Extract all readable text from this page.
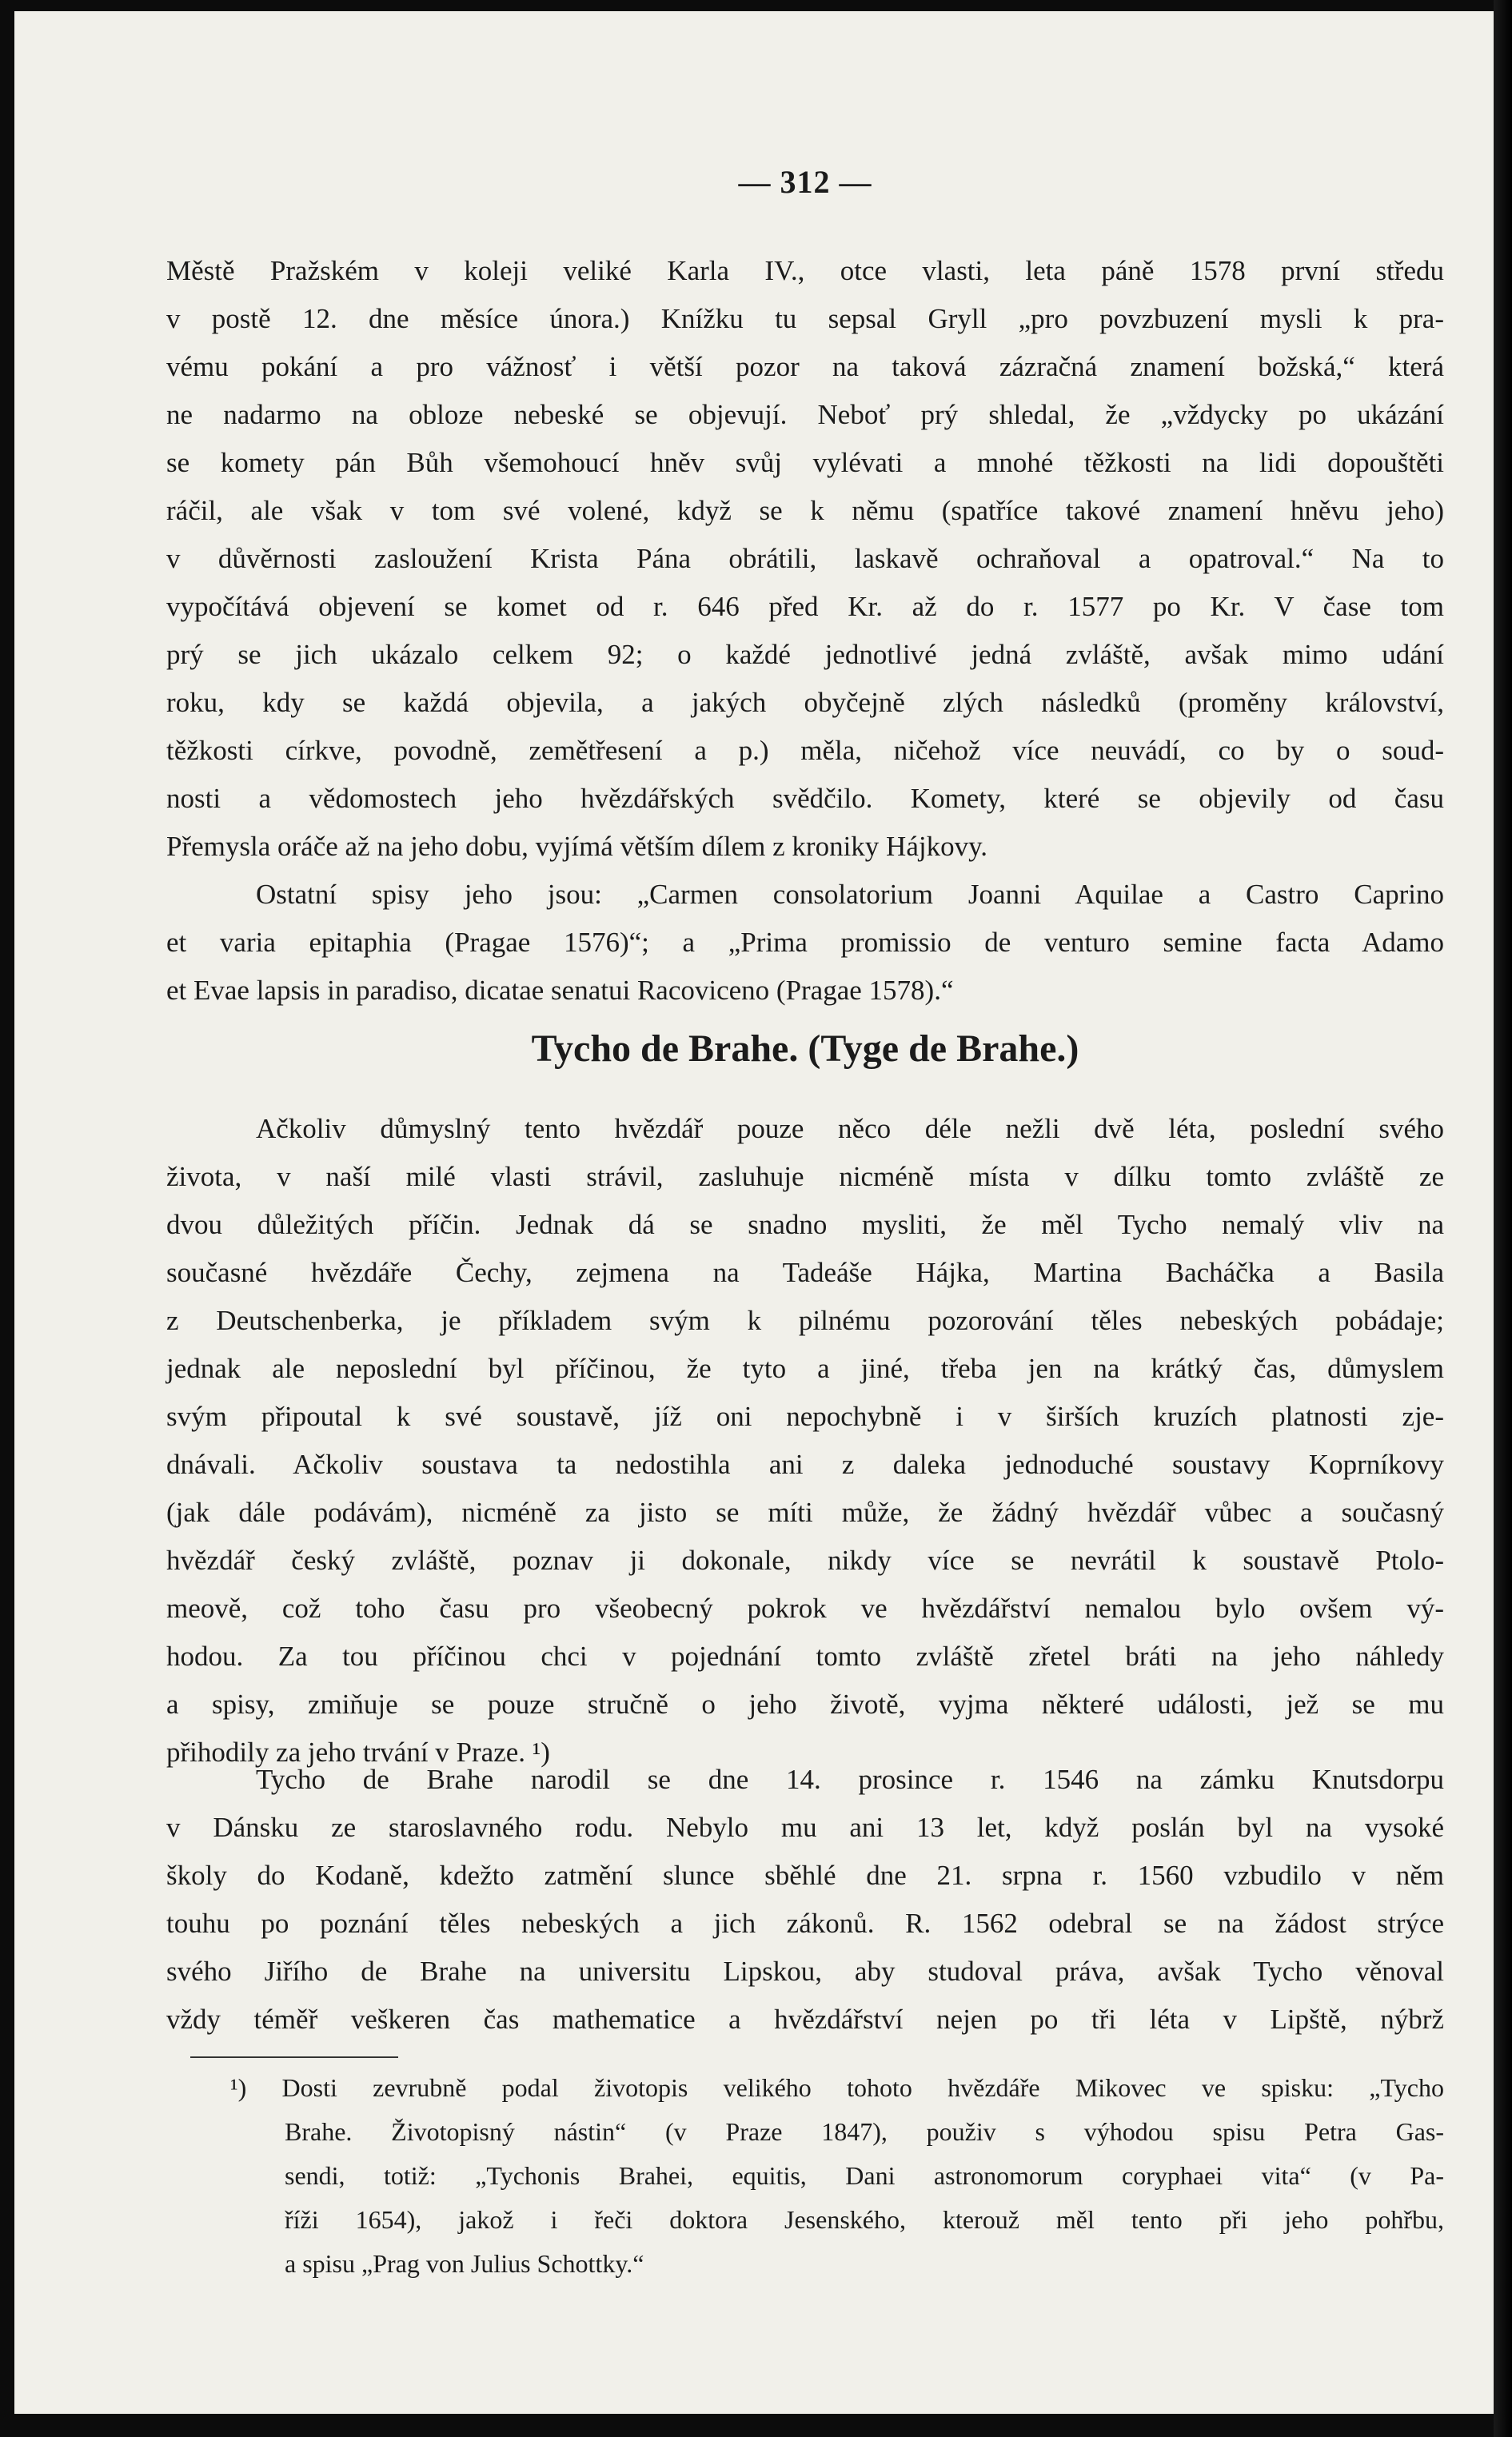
— 312 —
Městě Pražském v koleji veliké Karla IV., otce vlasti, leta páně 1578 první středu
v postě 12. dne měsíce února.) Knížku tu sepsal Gryll „pro povzbuzení mysli k pra-
vému pokání a pro vážnosť i větší pozor na taková zázračná znamení božská,“ která
ne nadarmo na obloze nebeské se objevují. Neboť prý shledal, že „vždycky po ukázání
se komety pán Bůh všemohoucí hněv svůj vylévati a mnohé těžkosti na lidi dopouštěti
ráčil, ale však v tom své volené, když se k němu (spatříce takové znamení hněvu jeho)
v důvěrnosti zasloužení Krista Pána obrátili, laskavě ochraňoval a opatroval.“ Na to
vypočítává objevení se komet od r. 646 před Kr. až do r. 1577 po Kr. V čase tom
prý se jich ukázalo celkem 92; o každé jednotlivé jedná zvláště, avšak mimo udání
roku, kdy se každá objevila, a jakých obyčejně zlých následků (proměny království,
těžkosti církve, povodně, zemětřesení a p.) měla, ničehož více neuvádí, co by o soud-
nosti a vědomostech jeho hvězdářských svědčilo. Komety, které se objevily od času
Přemysla oráče až na jeho dobu, vyjímá větším dílem z kroniky Hájkovy.
Ostatní spisy jeho jsou: „Carmen consolatorium Joanni Aquilae a Castro Caprino
et varia epitaphia (Pragae 1576)“; a „Prima promissio de venturo semine facta Adamo
et Evae lapsis in paradiso, dicatae senatui Racoviceno (Pragae 1578).“
Tycho de Brahe. (Tyge de Brahe.)
Ačkoliv důmyslný tento hvězdář pouze něco déle nežli dvě léta, poslední svého
života, v naší milé vlasti strávil, zasluhuje nicméně místa v dílku tomto zvláště ze
dvou důležitých příčin. Jednak dá se snadno mysliti, že měl Tycho nemalý vliv na
současné hvězdáře Čechy, zejmena na Tadeáše Hájka, Martina Bacháčka a Basila
z Deutschenberka, je příkladem svým k pilnému pozorování těles nebeských pobádaje;
jednak ale neposlední byl příčinou, že tyto a jiné, třeba jen na krátký čas, důmyslem
svým připoutal k své soustavě, jíž oni nepochybně i v širších kruzích platnosti zje-
dnávali. Ačkoliv soustava ta nedostihla ani z daleka jednoduché soustavy Koprníkovy
(jak dále podávám), nicméně za jisto se míti může, že žádný hvězdář vůbec a současný
hvězdář český zvláště, poznav ji dokonale, nikdy více se nevrátil k soustavě Ptolo-
meově, což toho času pro všeobecný pokrok ve hvězdářství nemalou bylo ovšem vý-
hodou. Za tou příčinou chci v pojednání tomto zvláště zřetel bráti na jeho náhledy
a spisy, zmiňuje se pouze stručně o jeho životě, vyjma některé události, jež se mu
přihodily za jeho trvání v Praze. ¹)
Tycho de Brahe narodil se dne 14. prosince r. 1546 na zámku Knutsdorpu
v Dánsku ze staroslavného rodu. Nebylo mu ani 13 let, když poslán byl na vysoké
školy do Kodaně, kdežto zatmění slunce sběhlé dne 21. srpna r. 1560 vzbudilo v něm
touhu po poznání těles nebeských a jich zákonů. R. 1562 odebral se na žádost strýce
svého Jiřího de Brahe na universitu Lipskou, aby studoval práva, avšak Tycho věnoval
vždy téměř veškeren čas mathematice a hvězdářství nejen po tři léta v Lipště, nýbrž
¹) Dosti zevrubně podal životopis velikého tohoto hvězdáře Mikovec ve spisku: „Tycho
Brahe. Životopisný nástin“ (v Praze 1847), použiv s výhodou spisu Petra Gas-
sendi, totiž: „Tychonis Brahei, equitis, Dani astronomorum coryphaei vita“ (v Pa-
říži 1654), jakož i řeči doktora Jesenského, kterouž měl tento při jeho pohřbu,
a spisu „Prag von Julius Schottky.“
